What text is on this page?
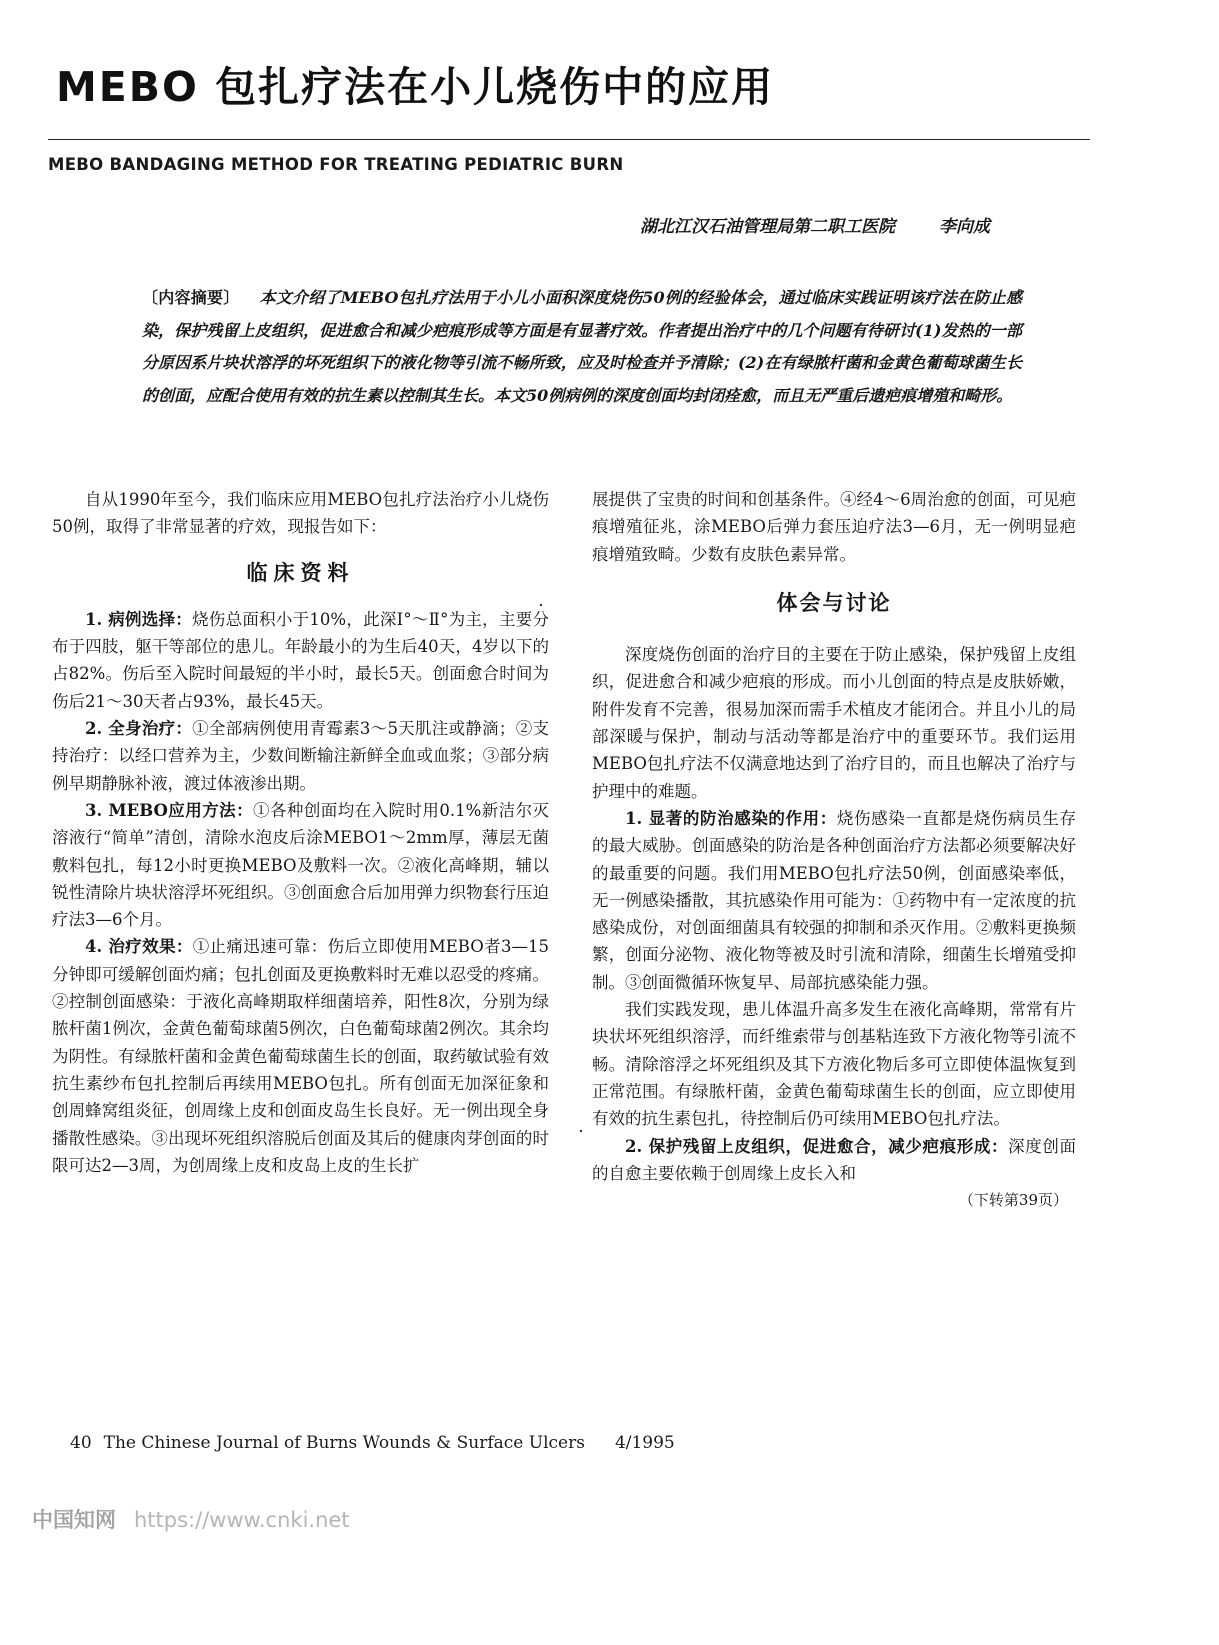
MEBO 包扎疗法在小儿烧伤中的应用
MEBO BANDAGING METHOD FOR TREATING PEDIATRIC BURN
湖北江汉石油管理局第二职工医院	李向成
〔内容摘要〕 本文介绍了MEBO包扎疗法用于小儿小面积深度烧伤50例的经验体会，通过临床实践证明该疗法在防止感染，保护残留上皮组织，促进愈合和减少疤痕形成等方面是有显著疗效。作者提出治疗中的几个问题有待研讨(1)发热的一部分原因系片块状溶浮的坏死组织下的液化物等引流不畅所致，应及时检查并予清除；(2)在有绿脓杆菌和金黄色葡萄球菌生长的创面，应配合使用有效的抗生素以控制其生长。本文50例病例的深度创面均封闭痊愈，而且无严重后遗疤痕增殖和畸形。

自从1990年至今，我们临床应用MEBO包扎疗法治疗小儿烧伤50例，取得了非常显著的疗效，现报告如下：

临床资料

1. 病例选择：烧伤总面积小于10%，此深Ⅰ°～Ⅱ°为主，主要分布于四肢，躯干等部位的患儿。年龄最小的为生后40天，4岁以下的占82%。伤后至入院时间最短的半小时，最长5天。创面愈合时间为伤后21～30天者占93%，最长45天。

2. 全身治疗：①全部病例使用青霉素3～5天肌注或静滴；②支持治疗：以经口营养为主，少数间断输注新鲜全血或血浆；③部分病例早期静脉补液，渡过体液渗出期。

3. MEBO应用方法：①各种创面均在入院时用0.1%新洁尔灭溶液行“简单”清创，清除水泡皮后涂MEBO1～2mm厚，薄层无菌敷料包扎，每12小时更换MEBO及敷料一次。②液化高峰期，辅以锐性清除片块状溶浮坏死组织。③创面愈合后加用弹力织物套行压迫疗法3—6个月。

4. 治疗效果：①止痛迅速可靠：伤后立即使用MEBO者3—15分钟即可缓解创面灼痛；包扎创面及更换敷料时无难以忍受的疼痛。②控制创面感染：于液化高峰期取样细菌培养，阳性8次，分别为绿脓杆菌1例次，金黄色葡萄球菌5例次，白色葡萄球菌2例次。其余均为阴性。有绿脓杆菌和金黄色葡萄球菌生长的创面，取药敏试验有效抗生素纱布包扎控制后再续用MEBO包扎。所有创面无加深征象和创周蜂窝组炎征，创周缘上皮和创面皮岛生长良好。无一例出现全身播散性感染。③出现坏死组织溶脱后创面及其后的健康肉芽创面的时限可达2—3周，为创周缘上皮和皮岛上皮的生长扩

展提供了宝贵的时间和创基条件。④经4～6周治愈的创面，可见疤痕增殖征兆，涂MEBO后弹力套压迫疗法3—6月，无一例明显疤痕增殖致畸。少数有皮肤色素异常。

体会与讨论

深度烧伤创面的治疗目的主要在于防止感染，保护残留上皮组织，促进愈合和减少疤痕的形成。而小儿创面的特点是皮肤娇嫩，附件发育不完善，很易加深而需手术植皮才能闭合。并且小儿的局部深暖与保护，制动与活动等都是治疗中的重要环节。我们运用MEBO包扎疗法不仅满意地达到了治疗目的，而且也解决了治疗与护理中的难题。

1. 显著的防治感染的作用：烧伤感染一直都是烧伤病员生存的最大威胁。创面感染的防治是各种创面治疗方法都必须要解决好的最重要的问题。我们用MEBO包扎疗法50例，创面感染率低，无一例感染播散，其抗感染作用可能为：①药物中有一定浓度的抗感染成份，对创面细菌具有较强的抑制和杀灭作用。②敷料更换频繁，创面分泌物、液化物等被及时引流和清除，细菌生长增殖受抑制。③创面微循环恢复早、局部抗感染能力强。

我们实践发现，患儿体温升高多发生在液化高峰期，常常有片块状坏死组织溶浮，而纤维索带与创基粘连致下方液化物等引流不畅。清除溶浮之坏死组织及其下方液化物后多可立即使体温恢复到正常范围。有绿脓杆菌，金黄色葡萄球菌生长的创面，应立即使用有效的抗生素包扎，待控制后仍可续用MEBO包扎疗法。

2. 保护残留上皮组织，促进愈合，减少疤痕形成：深度创面的自愈主要依赖于创周缘上皮长入和

（下转第39页）
40 The Chinese Journal of Burns Wounds & Surface Ulcers 4/1995
中国知网 https://www.cnki.net
